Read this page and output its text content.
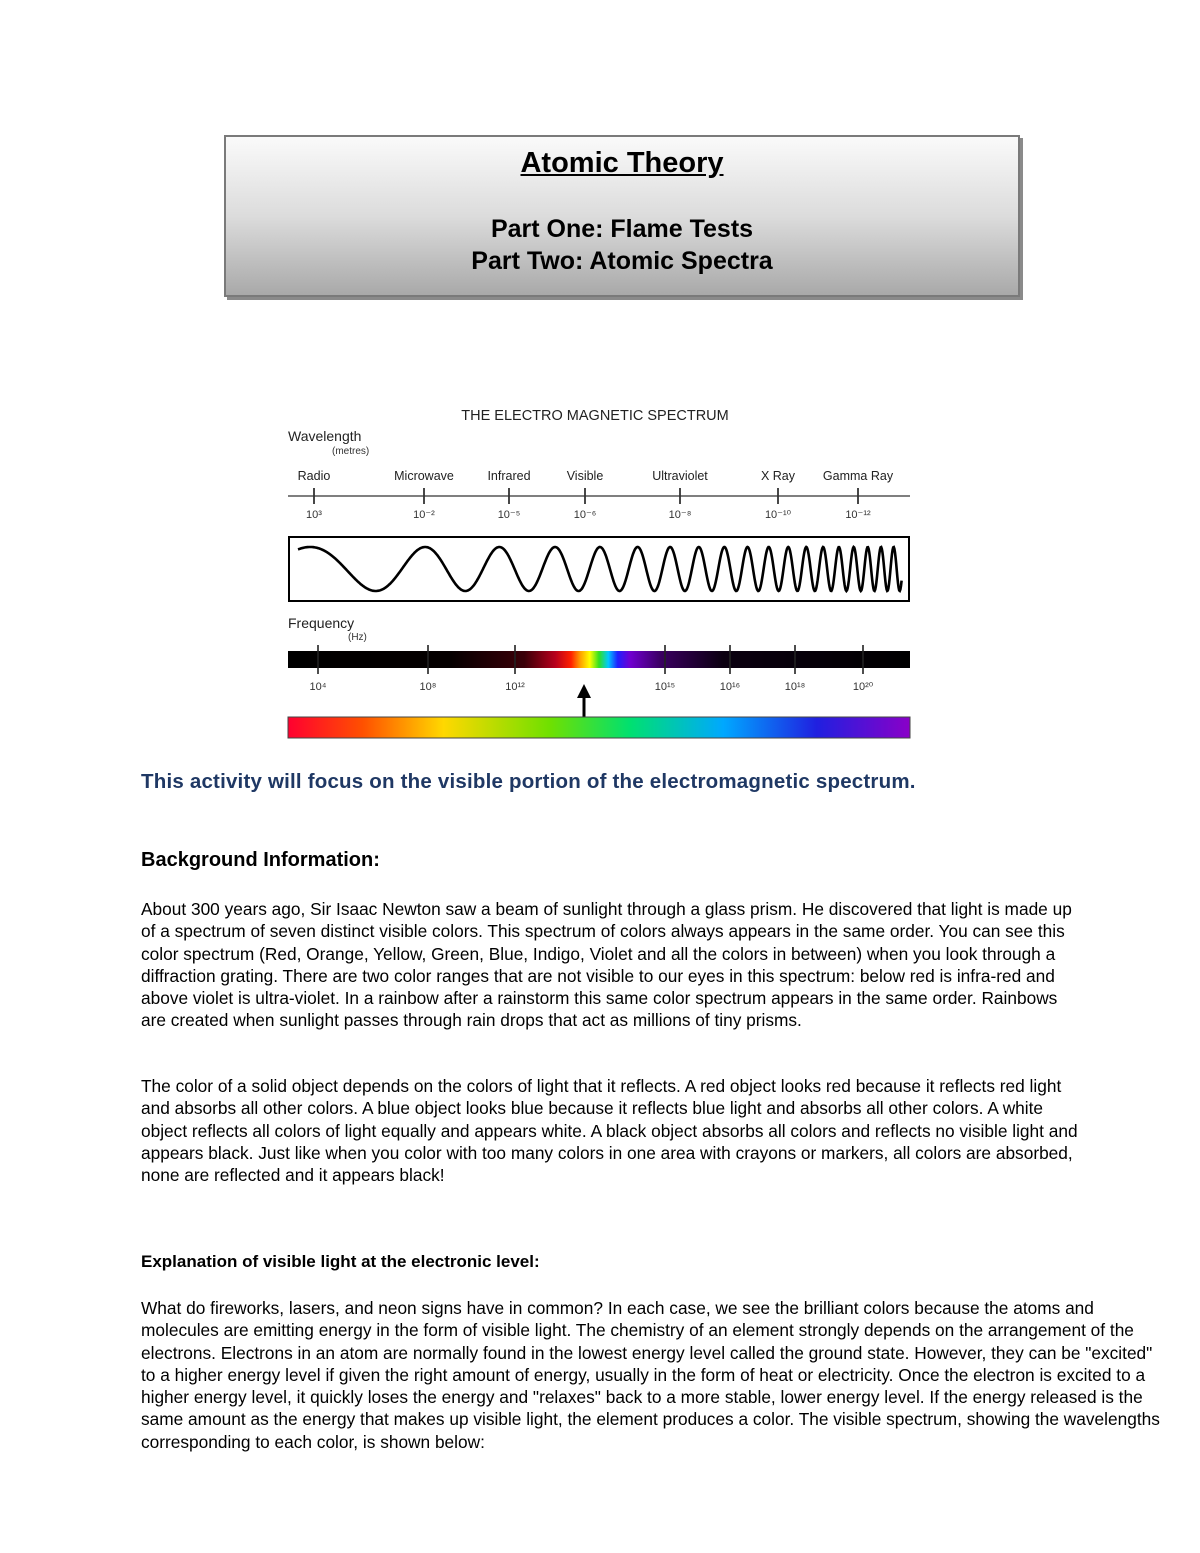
Atomic Theory
Part One: Flame Tests
Part Two: Atomic Spectra
THE ELECTRO MAGNETIC SPECTRUM
Wavelength
(metres)
Radio
10³
Microwave
10⁻²
Infrared
10⁻⁵
Visible
10⁻⁶
Ultraviolet
10⁻⁸
X Ray
10⁻¹⁰
Gamma Ray
10⁻¹²
Frequency
(Hz)
10⁴	10⁸	10¹²	10¹⁵	10¹⁶	10¹⁸	10²⁰
This activity will focus on the visible portion of the electromagnetic spectrum.
Background Information:

About 300 years ago, Sir Isaac Newton saw a beam of sunlight through a glass prism. He discovered that light is made up of a spectrum of seven distinct visible colors. This spectrum of colors always appears in the same order. You can see this color spectrum (Red, Orange, Yellow, Green, Blue, Indigo, Violet and all the colors in between) when you look through a diffraction grating. There are two color ranges that are not visible to our eyes in this spectrum: below red is infra-red and above violet is ultra-violet. In a rainbow after a rainstorm this same color spectrum appears in the same order. Rainbows are created when sunlight passes through rain drops that act as millions of tiny prisms.

The color of a solid object depends on the colors of light that it reflects. A red object looks red because it reflects red light and absorbs all other colors. A blue object looks blue because it reflects blue light and absorbs all other colors. A white object reflects all colors of light equally and appears white. A black object absorbs all colors and reflects no visible light and appears black. Just like when you color with too many colors in one area with crayons or markers, all colors are absorbed, none are reflected and it appears black!

Explanation of visible light at the electronic level:

What do fireworks, lasers, and neon signs have in common? In each case, we see the brilliant colors because the atoms and molecules are emitting energy in the form of visible light. The chemistry of an element strongly depends on the arrangement of the electrons. Electrons in an atom are normally found in the lowest energy level called the ground state. However, they can be "excited" to a higher energy level if given the right amount of energy, usually in the form of heat or electricity. Once the electron is excited to a higher energy level, it quickly loses the energy and "relaxes" back to a more stable, lower energy level. If the energy released is the same amount as the energy that makes up visible light, the element produces a color. The visible spectrum, showing the wavelengths corresponding to each color, is shown below:
